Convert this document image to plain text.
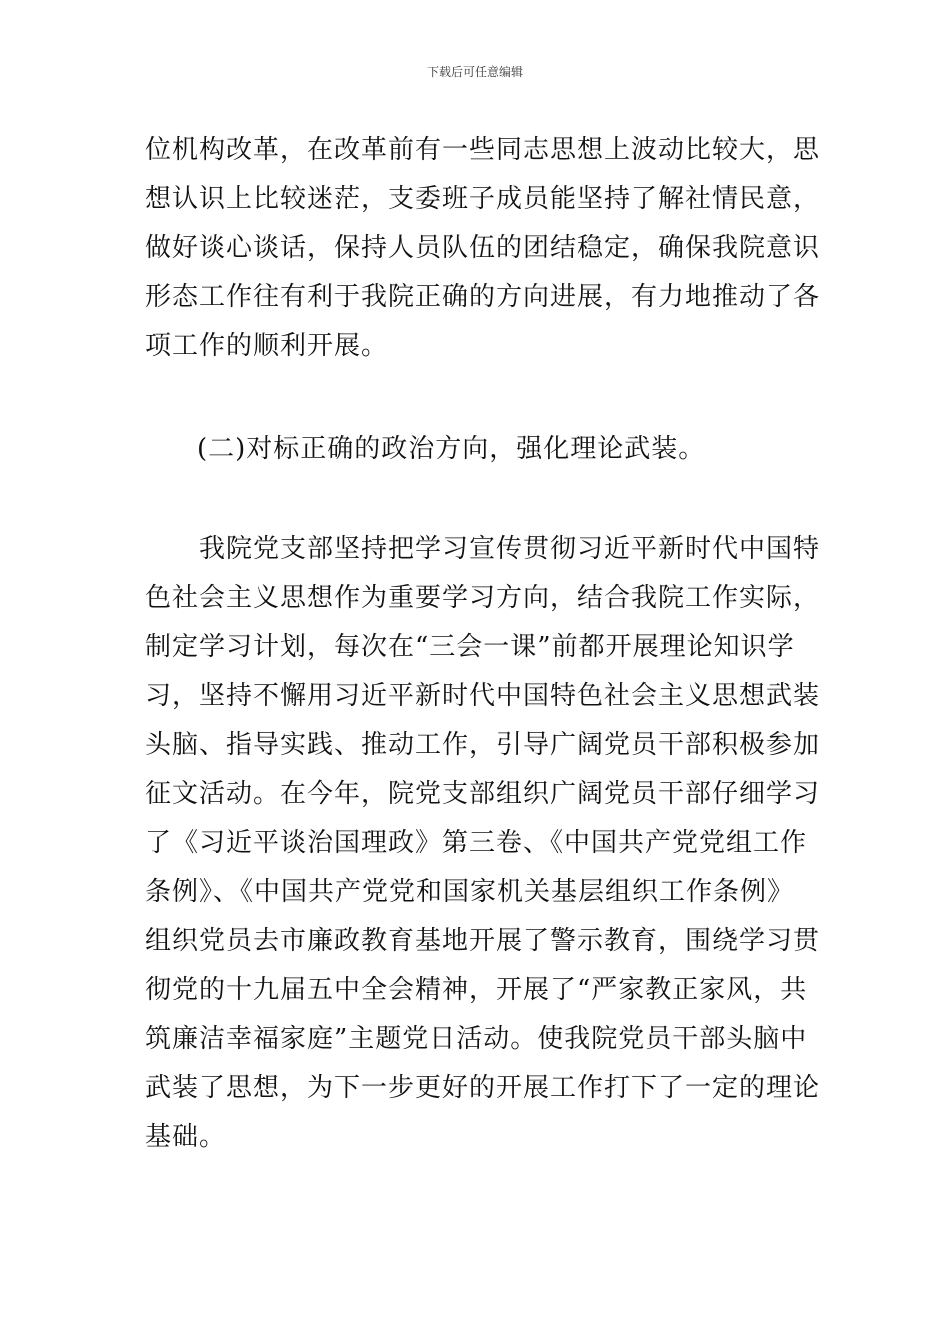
下载后可任意编辑
位机构改革，在改革前有一些同志思想上波动比较大，思
想认识上比较迷茫，支委班子成员能坚持了解社情民意，
做好谈心谈话，保持人员队伍的团结稳定，确保我院意识
形态工作往有利于我院正确的方向进展，有力地推动了各
项工作的顺利开展。
(二)对标正确的政治方向，强化理论武装。
　　我院党支部坚持把学习宣传贯彻习近平新时代中国特
色社会主义思想作为重要学习方向，结合我院工作实际，
制定学习计划，每次在“三会一课”前都开展理论知识学
习，坚持不懈用习近平新时代中国特色社会主义思想武装
头脑、指导实践、推动工作，引导广阔党员干部积极参加
征文活动。在今年，院党支部组织广阔党员干部仔细学习
了《习近平谈治国理政》第三卷、《中国共产党党组工作
条例》、《中国共产党党和国家机关基层组织工作条例》
组织党员去市廉政教育基地开展了警示教育，围绕学习贯
彻党的十九届五中全会精神，开展了“严家教正家风，共
筑廉洁幸福家庭”主题党日活动。使我院党员干部头脑中
武装了思想，为下一步更好的开展工作打下了一定的理论
基础。
